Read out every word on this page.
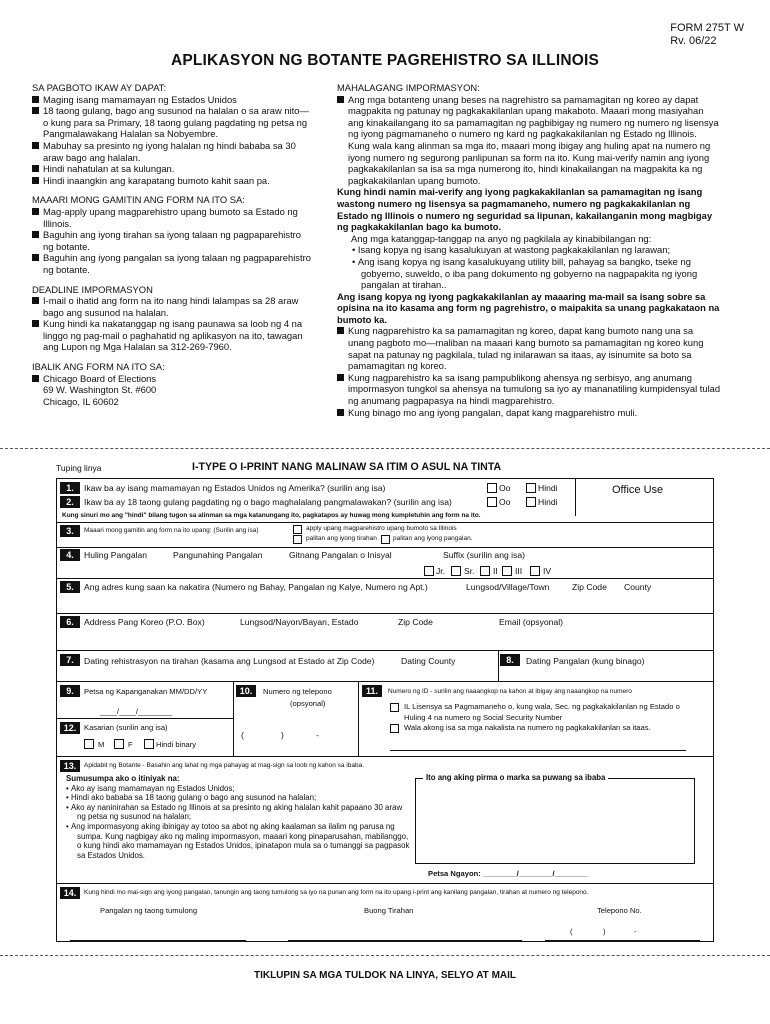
FORM 275T W
Rv. 06/22
APLIKASYON NG BOTANTE PAGREHISTRO SA ILLINOIS
SA PAGBOTO IKAW AY DAPAT:
Maging isang mamamayan ng Estados Unidos
18 taong gulang, bago ang susunod na halalan o sa araw nito—o kung para sa Primary, 18 taong gulang pagdating ng petsa ng Pangmalawakang Halalan sa Nobyembre.
Mabuhay sa presinto ng iyong halalan ng hindi bababa sa 30 araw bago ang halalan.
Hindi nahatulan at sa kulungan.
Hindi inaangkin ang karapatang bumoto kahit saan pa.
MAAARI MONG GAMITIN ANG FORM NA ITO SA:
Mag-apply upang magparehistro upang bumoto sa Estado ng Illinois.
Baguhin ang iyong tirahan sa iyong talaan ng pagpaparehistro ng botante.
Baguhin ang iyong pangalan sa iyong talaan ng pagpaparehistro ng botante.
DEADLINE IMPORMASYON
I-mail o ihatid ang form na ito nang hindi lalampas sa 28 araw bago ang susunod na halalan.
Kung hindi ka nakatanggap ng isang paunawa sa loob ng 4 na linggo ng pag-mail o paghahatid ng aplikasyon na ito, tawagan ang Lupon ng Mga Halalan sa 312-269-7960.
IBALIK ANG FORM NA ITO SA:
Chicago Board of Elections
69 W. Washington St. #600
Chicago, IL 60602
MAHALAGANG IMPORMASYON:
Ang mga botanteng unang beses na nagrehistro sa pamamagitan ng koreo ay dapat magpakita ng patunay ng pagkakakilanlan upang makaboto. Maaari mong masiyahan ang kinakailangang ito sa pamamagitan ng pagbibigay ng numero ng numero ng lisensya ng iyong pagmamaneho o numero ng kard ng pagkakakilanlan ng Estado ng Illinois. Kung wala kang alinman sa mga ito, maaari mong ibigay ang huling apat na numero ng iyong numero ng segurong panlipunan sa form na ito. Kung mai-verify namin ang iyong pagkakakilanlan sa isa sa mga numerong ito, hindi kinakailangan na magpakita ka ng pagkakakilanlan upang bumoto.
Kung hindi namin mai-verify ang iyong pagkakakilanlan sa pamamagitan ng isang wastong numero ng lisensya sa pagmamaneho, numero ng pagkakakilanlan ng Estado ng Illinois o numero ng seguridad sa lipunan, kakailanganin mong magbigay ng pagkakakilanlan bago ka bumoto.
Ang mga katanggap-tanggap na anyo ng pagkilala ay kinabibilangan ng:
• Isang kopya ng isang kasalukuyan at wastong pagkakakilanlan ng larawan;
• Ang isang kopya ng isang kasalukuyang utility bill, pahayag sa bangko, tseke ng gobyerno, suweldo, o iba pang dokumento ng gobyerno na nagpapakita ng iyong pangalan at tirahan..
Ang isang kopya ng iyong pagkakakilanlan ay maaaring ma-mail sa isang sobre sa opisina na ito kasama ang form ng pagrehistro, o maipakita sa unang pagkakataon na bumoto ka.
Kung nagparehistro ka sa pamamagitan ng koreo, dapat kang bumoto nang una sa unang pagboto mo—maliban na maaari kang bumoto sa pamamagitan ng koreo kung sapat na patunay ng pagkilala, tulad ng inilarawan sa itaas, ay isinumite sa boto sa pamamagitan ng koreo.
Kung nagparehistro ka sa isang pampublikong ahensya ng serbisyo, ang anumang impormasyon tungkol sa ahensya na tumulong sa iyo ay mananatiling kumpidensyal tulad ng anumang pagpapasya na hindi magparehistro.
Kung binago mo ang iyong pangalan, dapat kang magparehistro muli.
Tuping linya	I-TYPE O I-PRINT NANG MALINAW SA ITIM O ASUL NA TINTA
Office Use
1.	Ikaw ba ay isang mamamayan ng Estados Unidos ng Amerika? (surilin ang isa)	Oo	Hindi
2.	Ikaw ba ay 18 taong gulang pagdating ng o bago maghalalang pangmalawakan? (surilin ang isa)	Oo	Hindi
Kung sinuri mo ang "hindi" bilang tugon sa alinman sa mga katanungang ito, pagkatapos ay huwag mong kumpletuhin ang form na ito.
3.	Maaari mong gamitin ang form na ito upang: (Surilin ang isa)	apply upang magparehistro upang bumoto sa Illinois
palitan ang iyong tirahan palitan ang iyong pangalan.
4.	Huling Pangalan	Pangunahing Pangalan	Gitnang Pangalan o Inisyal	Suffix (surilin ang isa)
Jr. Sr. II III IV
5.	Ang adres kung saan ka nakatira (Numero ng Bahay, Pangalan ng Kalye, Numero ng Apt.)	Lungsod/Village/Town	Zip Code County
6.	Address Pang Koreo (P.O. Box)	Lungsod/Nayon/Bayan, Estado	Zip Code	Email (opsyonal)
7.	Dating rehistrasyon na tirahan (kasama ang Lungsod at Estado at Zip Code)	Dating County	8.	Dating Pangalan (kung binago)
9.	Petsa ng Kapanganakan MM/DD/YY
____/____/________
10.	Numero ng telepono
(opsyonal)
(	)	-
11.	Numero ng ID - surilin ang naaangkop na kahon at ibigay ang naaangkop na numero
IL Lisensya sa Pagmamaneho o, kung wala, Sec. ng pagkakakilanlan ng Estado o
Huling 4 na numero ng Social Security Number
Wala akong isa sa mga nakalista na numero ng pagkakakilanlan sa itaas.
12.	Kasarian (surilin ang isa)
M	F	Hindi binary
13.	Apidabit ng Botante - Basahin ang lahat ng mga pahayag at mag-sign sa loob ng kahon sa ibaba.
Sumusumpa ako o itiniyak na:
• Ako ay isang mamamayan ng Estados Unidos;
• Hindi ako bababa sa 18 taong gulang o bago ang susunod na halalan;
• Ako ay naninirahan sa Estado ng Illinois at sa presinto ng aking halalan kahit papaano 30 araw ng petsa ng susunod na halalan;
• Ang impormasyong aking ibinigay ay totoo sa abot ng aking kaalaman sa ilalim ng parusa ng sumpa. Kung nagbigay ako ng maling impormasyon, maaari kong pinaparusahan, mabilanggo, o kung hindi ako mamamayan ng Estados Unidos, ipinatapon mula sa o tumanggi sa pagpasok sa Estados Unidos.
Ito ang aking pirma o marka sa puwang sa ibaba
Petsa Ngayon: ________/________/________
14.	Kung hindi mo mai-sign ang iyong pangalan, tanungin ang taong tumulong sa iyo na punan ang form na ito upang i-print ang kanilang pangalan, tirahan at numero ng telepono.
Pangalan ng taong tumulong	Buong Tirahan	Telepono No.
(	)	-
TIKLUPIN SA MGA TULDOK NA LINYA, SELYO AT MAIL
